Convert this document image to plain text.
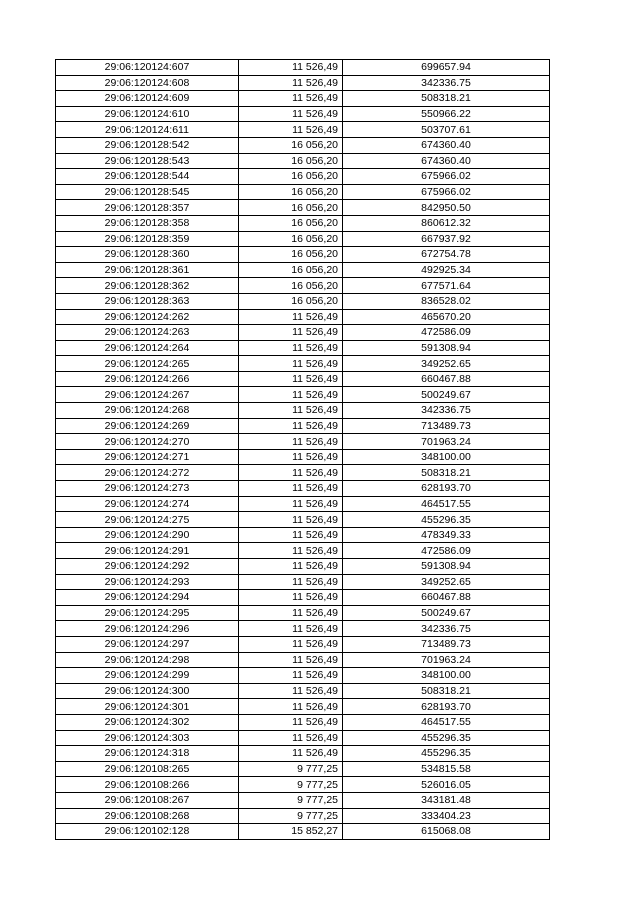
29:06:120124:607	11 526,49	699657.94
29:06:120124:608	11 526,49	342336.75
29:06:120124:609	11 526,49	508318.21
29:06:120124:610	11 526,49	550966.22
29:06:120124:611	11 526,49	503707.61
29:06:120128:542	16 056,20	674360.40
29:06:120128:543	16 056,20	674360.40
29:06:120128:544	16 056,20	675966.02
29:06:120128:545	16 056,20	675966.02
29:06:120128:357	16 056,20	842950.50
29:06:120128:358	16 056,20	860612.32
29:06:120128:359	16 056,20	667937.92
29:06:120128:360	16 056,20	672754.78
29:06:120128:361	16 056,20	492925.34
29:06:120128:362	16 056,20	677571.64
29:06:120128:363	16 056,20	836528.02
29:06:120124:262	11 526,49	465670.20
29:06:120124:263	11 526,49	472586.09
29:06:120124:264	11 526,49	591308.94
29:06:120124:265	11 526,49	349252.65
29:06:120124:266	11 526,49	660467.88
29:06:120124:267	11 526,49	500249.67
29:06:120124:268	11 526,49	342336.75
29:06:120124:269	11 526,49	713489.73
29:06:120124:270	11 526,49	701963.24
29:06:120124:271	11 526,49	348100.00
29:06:120124:272	11 526,49	508318.21
29:06:120124:273	11 526,49	628193.70
29:06:120124:274	11 526,49	464517.55
29:06:120124:275	11 526,49	455296.35
29:06:120124:290	11 526,49	478349.33
29:06:120124:291	11 526,49	472586.09
29:06:120124:292	11 526,49	591308.94
29:06:120124:293	11 526,49	349252.65
29:06:120124:294	11 526,49	660467.88
29:06:120124:295	11 526,49	500249.67
29:06:120124:296	11 526,49	342336.75
29:06:120124:297	11 526,49	713489.73
29:06:120124:298	11 526,49	701963.24
29:06:120124:299	11 526,49	348100.00
29:06:120124:300	11 526,49	508318.21
29:06:120124:301	11 526,49	628193.70
29:06:120124:302	11 526,49	464517.55
29:06:120124:303	11 526,49	455296.35
29:06:120124:318	11 526,49	455296.35
29:06:120108:265	9 777,25	534815.58
29:06:120108:266	9 777,25	526016.05
29:06:120108:267	9 777,25	343181.48
29:06:120108:268	9 777,25	333404.23
29:06:120102:128	15 852,27	615068.08
